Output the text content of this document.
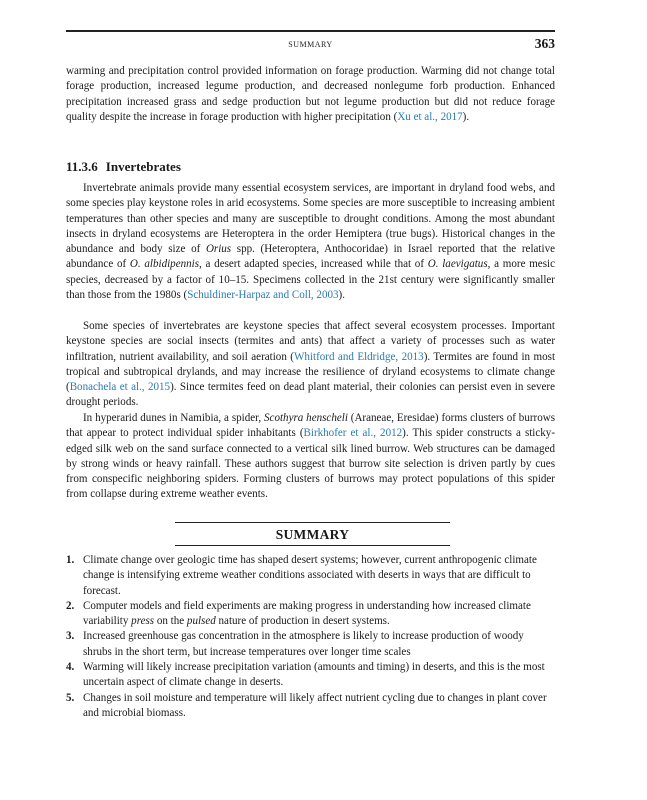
SUMMARY	363

warming and precipitation control provided information on forage production. Warming did not change total forage production, increased legume production, and decreased nonlegume forb production. Enhanced precipitation increased grass and sedge production but not legume production but did not reduce forage quality despite the increase in forage production with higher precipitation (Xu et al., 2017).

11.3.6 Invertebrates

Invertebrate animals provide many essential ecosystem services, are important in dryland food webs, and some species play keystone roles in arid ecosystems. Some species are more susceptible to increasing ambient temperatures than other species and many are susceptible to drought conditions. Among the most abundant insects in dryland ecosystems are Heteroptera in the order Hemiptera (true bugs). Historical changes in the abundance and body size of Orius spp. (Heteroptera, Anthocoridae) in Israel reported that the relative abundance of O. albidipennis, a desert adapted species, increased while that of O. laevigatus, a more mesic species, decreased by a factor of 10–15. Specimens collected in the 21st century were significantly smaller than those from the 1980s (Schuldiner-Harpaz and Coll, 2003).

Some species of invertebrates are keystone species that affect several ecosystem processes. Important keystone species are social insects (termites and ants) that affect a variety of processes such as water infiltration, nutrient availability, and soil aeration (Whitford and Eldridge, 2013). Termites are found in most tropical and subtropical drylands, and may increase the resilience of dryland ecosystems to climate change (Bonachela et al., 2015). Since termites feed on dead plant material, their colonies can persist even in severe drought periods.

In hyperarid dunes in Namibia, a spider, Scothyra henscheli (Araneae, Eresidae) forms clusters of burrows that appear to protect individual spider inhabitants (Birkhofer et al., 2012). This spider constructs a sticky-edged silk web on the sand surface connected to a vertical silk lined burrow. Web structures can be damaged by strong winds or heavy rainfall. These authors suggest that burrow site selection is driven partly by cues from conspecific neighboring spiders. Forming clusters of burrows may protect populations of this spider from collapse during extreme weather events.

SUMMARY
1. Climate change over geologic time has shaped desert systems; however, current anthropogenic climate change is intensifying extreme weather conditions associated with deserts in ways that are difficult to forecast.
2. Computer models and field experiments are making progress in understanding how increased climate variability press on the pulsed nature of production in desert systems.
3. Increased greenhouse gas concentration in the atmosphere is likely to increase production of woody shrubs in the short term, but increase temperatures over longer time scales
4. Warming will likely increase precipitation variation (amounts and timing) in deserts, and this is the most uncertain aspect of climate change in deserts.
5. Changes in soil moisture and temperature will likely affect nutrient cycling due to changes in plant cover and microbial biomass.
